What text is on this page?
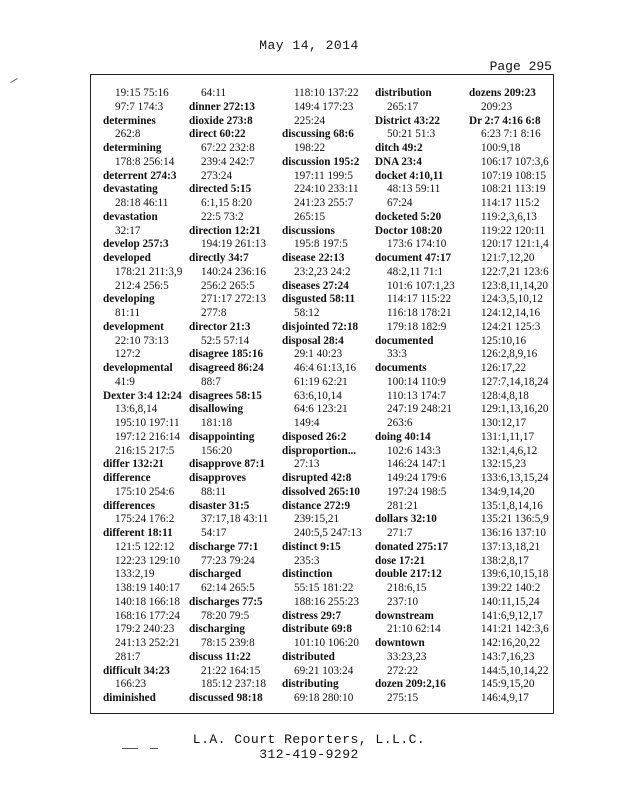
May 14, 2014
Page 295
19:15 75:16
97:7 174:3
determines
262:8
determining
178:8 256:14
deterrent 274:3
devastating
28:18 46:11
devastation
32:17
develop 257:3
developed
178:21 211:3,9
212:4 256:5
developing
81:11
development
22:10 73:13
127:2
developmental
41:9
Dexter 3:4 12:24
13:6,8,14
195:10 197:11
197:12 216:14
216:15 217:5
differ 132:21
difference
175:10 254:6
differences
175:24 176:2
different 18:11
121:5 122:12
122:23 129:10
133:2,19
138:19 140:17
140:18 166:18
168:16 177:24
179:2 240:23
241:13 252:21
281:7
difficult 34:23
166:23
diminished
64:11
dinner 272:13
dioxide 273:8
direct 60:22
67:22 232:8
239:4 242:7
273:24
directed 5:15
6:1,15 8:20
22:5 73:2
direction 12:21
194:19 261:13
directly 34:7
140:24 236:16
256:2 265:5
271:17 272:13
277:8
director 21:3
52:5 57:14
disagree 185:16
disagreed 86:24
88:7
disagrees 58:15
disallowing
181:18
disappointing
156:20
disapprove 87:1
disapproves
88:11
disaster 31:5
37:17,18 43:11
54:17
discharge 77:1
77:23 79:24
discharged
62:14 265:5
discharges 77:5
78:20 79:5
discharging
78:15 239:8
discuss 11:22
21:22 164:15
185:12 237:18
discussed 98:18
118:10 137:22
149:4 177:23
225:24
discussing 68:6
198:22
discussion 195:2
197:11 199:5
224:10 233:11
241:23 255:7
265:15
discussions
195:8 197:5
disease 22:13
23:2,23 24:2
diseases 27:24
disgusted 58:11
58:12
disjointed 72:18
disposal 28:4
29:1 40:23
46:4 61:13,16
61:19 62:21
63:6,10,14
64:6 123:21
149:4
disposed 26:2
disproportion...
27:13
disrupted 42:8
dissolved 265:10
distance 272:9
239:15,21
240:5,5 247:13
distinct 9:15
235:3
distinction
55:15 181:22
188:16 255:23
distress 29:7
distribute 69:8
101:10 106:20
distributed
69:21 103:24
distributing
69:18 280:10
distribution
265:17
District 43:22
50:21 51:3
ditch 49:2
DNA 23:4
docket 4:10,11
48:13 59:11
67:24
docketed 5:20
Doctor 108:20
173:6 174:10
document 47:17
48:2,11 71:1
101:6 107:1,23
114:17 115:22
116:18 178:21
179:18 182:9
documented
33:3
documents
100:14 110:9
110:13 174:7
247:19 248:21
263:6
doing 40:14
102:6 143:3
146:24 147:1
149:24 179:6
197:24 198:5
281:21
dollars 32:10
271:7
donated 275:17
dose 17:21
double 217:12
218:6,15
237:10
downstream
21:10 62:14
downtown
33:23,23
272:22
dozen 209:2,16
275:15
dozens 209:23
209:23
Dr 2:7 4:16 6:8
6:23 7:1 8:16
100:9,18
106:17 107:3,6
107:19 108:15
108:21 113:19
114:17 115:2
119:2,3,6,13
119:22 120:11
120:17 121:1,4
121:7,12,20
122:7,21 123:6
123:8,11,14,20
124:3,5,10,12
124:12,14,16
124:21 125:3
125:10,16
126:2,8,9,16
126:17,22
127:7,14,18,24
128:4,8,18
129:1,13,16,20
130:12,17
131:1,11,17
132:1,4,6,12
132:15,23
133:6,13,15,24
134:9,14,20
135:1,8,14,16
135:21 136:5,9
136:16 137:10
137:13,18,21
138:2,8,17
139:6,10,15,18
139:22 140:2
140:11,15,24
141:6,9,12,17
141:21 142:3,6
142:16,20,22
143:7,16,23
144:5,10,14,22
145:9,15,20
146:4,9,17
L.A. Court Reporters, L.L.C.
312-419-9292
